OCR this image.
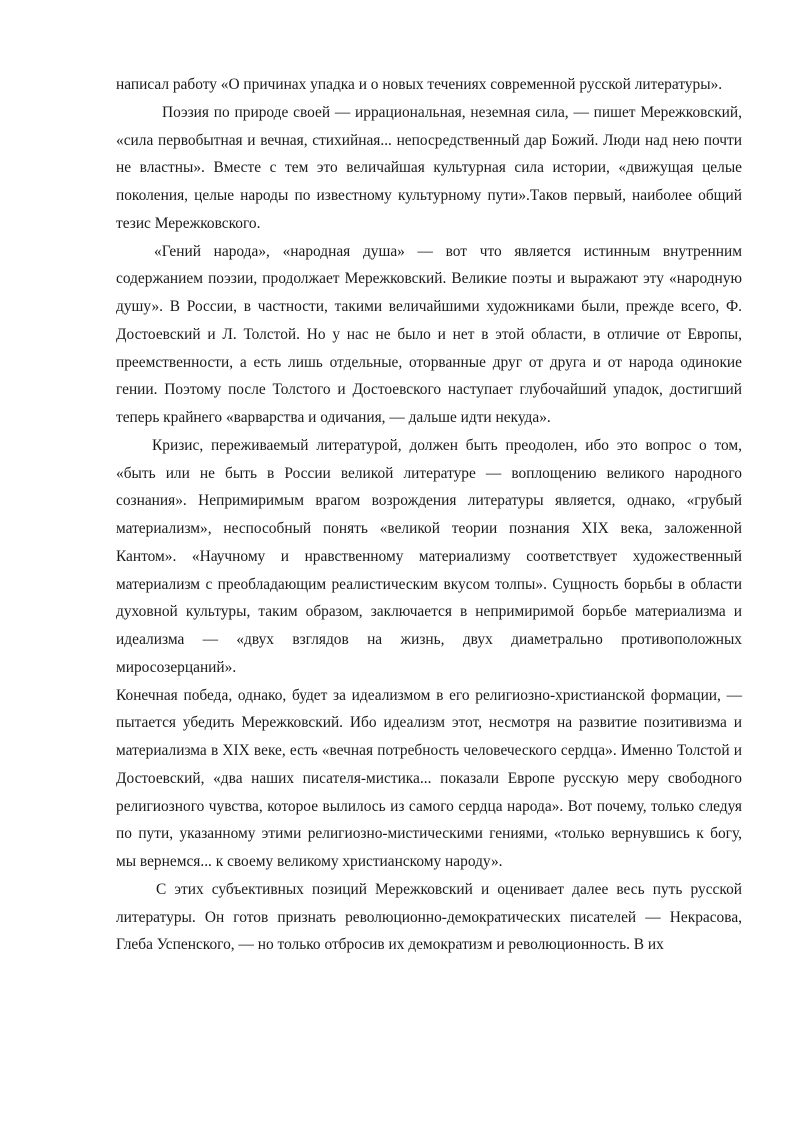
написал работу «О причинах упадка и о новых течениях современной русской литературы».

Поэзия по природе своей — иррациональная, неземная сила, — пишет Мережковский, «сила первобытная и вечная, стихийная... непосредственный дар Божий. Люди над нею почти не властны». Вместе с тем это величайшая культурная сила истории, «движущая целые поколения, целые народы по известному культурному пути».Таков первый, наиболее общий тезис Мережковского.

«Гений народа», «народная душа» — вот что является истинным внутренним содержанием поэзии, продолжает Мережковский. Великие поэты и выражают эту «народную душу». В России, в частности, такими величайшими художниками были, прежде всего, Ф. Достоевский и Л. Толстой. Но у нас не было и нет в этой области, в отличие от Европы, преемственности, а есть лишь отдельные, оторванные друг от друга и от народа одинокие гении. Поэтому после Толстого и Достоевского наступает глубочайший упадок, достигший теперь крайнего «варварства и одичания, — дальше идти некуда».

Кризис, переживаемый литературой, должен быть преодолен, ибо это вопрос о том, «быть или не быть в России великой литературе — воплощению великого народного сознания». Непримиримым врагом возрождения литературы является, однако, «грубый материализм», неспособный понять «великой теории познания XIX века, заложенной Кантом». «Научному и нравственному материализму соответствует художественный материализм с преобладающим реалистическим вкусом толпы». Сущность борьбы в области духовной культуры, таким образом, заключается в непримиримой борьбе материализма и идеализма — «двух взглядов на жизнь, двух диаметрально противоположных миросозерцаний».

Конечная победа, однако, будет за идеализмом в его религиозно-христианской формации, — пытается убедить Мережковский. Ибо идеализм этот, несмотря на развитие позитивизма и материализма в XIX веке, есть «вечная потребность человеческого сердца». Именно Толстой и Достоевский, «два наших писателя-мистика... показали Европе русскую меру свободного религиозного чувства, которое вылилось из самого сердца народа». Вот почему, только следуя по пути, указанному этими религиозно-мистическими гениями, «только вернувшись к богу, мы вернемся... к своему великому христианскому народу».

С этих субъективных позиций Мережковский и оценивает далее весь путь русской литературы. Он готов признать революционно-демократических писателей — Некрасова, Глеба Успенского, — но только отбросив их демократизм и революционность. В их
